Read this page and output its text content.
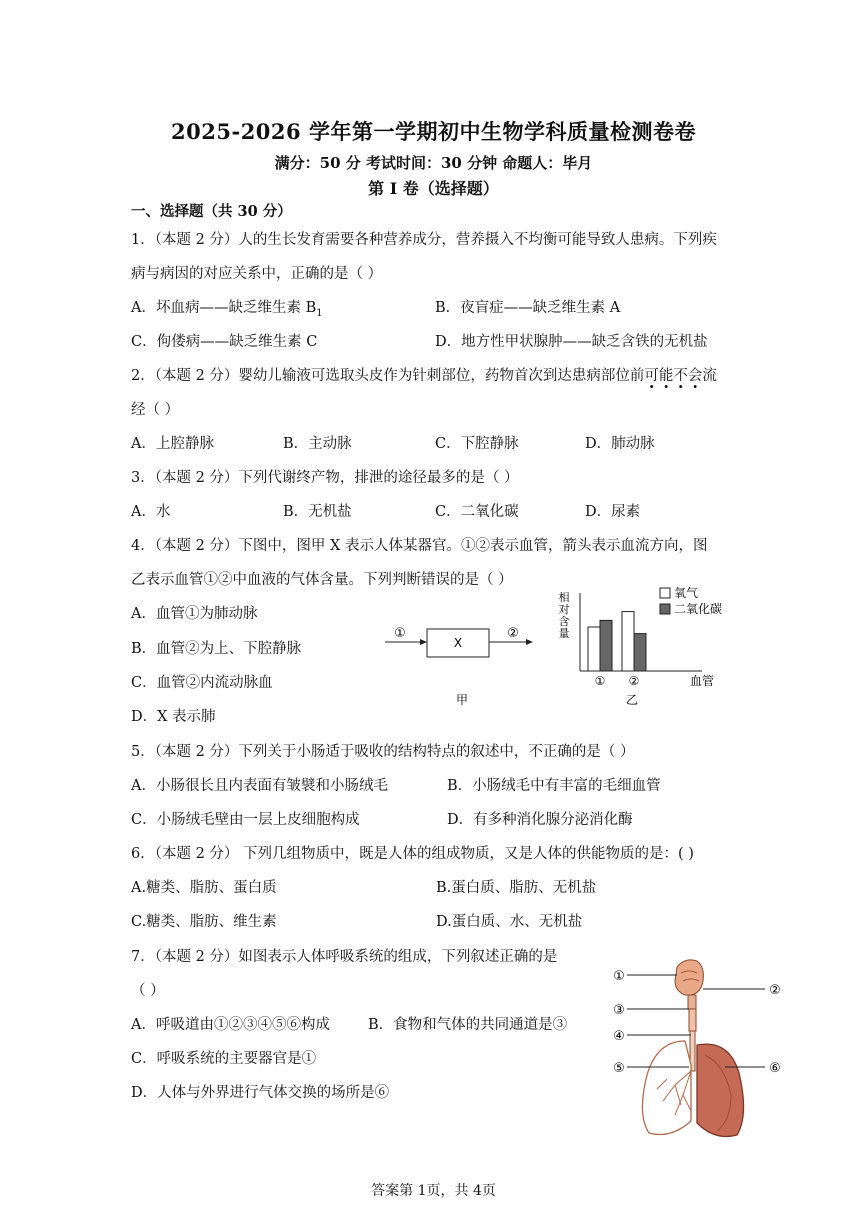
2025-2026 学年第一学期初中生物学科质量检测卷卷
满分：50 分 考试时间：30 分钟 命题人：毕月
第 I 卷（选择题）
一、选择题（共 30 分）
1．（本题 2 分）人的生长发育需要各种营养成分，营养摄入不均衡可能导致人患病。下列疾
病与病因的对应关系中，正确的是（ ）
A．坏血病——缺乏维生素 $B_1$	B．夜盲症——缺乏维生素 A
C．佝偻病——缺乏维生素 C	D．地方性甲状腺肿——缺乏含铁的无机盐
2．（本题 2 分）婴幼儿输液可选取头皮作为针刺部位，药物首次到达患病部位前可能不会流
经（ ）
A．上腔静脉	B．主动脉	C．下腔静脉	D．肺动脉
3．（本题 2 分）下列代谢终产物，排泄的途径最多的是（ ）
A．水	B．无机盐	C．二氧化碳	D．尿素
4．（本题 2 分）下图中，图甲 X 表示人体某器官。①②表示血管，箭头表示血流方向，图
乙表示血管①②中血液的气体含量。下列判断错误的是（ ）
A．血管①为肺动脉
B．血管②为上、下腔静脉
C．血管②内流动脉血
D．X 表示肺
①	②
X
甲
相
对
含
量
① ②
氧气
二氧化碳
血管
乙
5．（本题 2 分）下列关于小肠适于吸收的结构特点的叙述中，不正确的是（ ）
A．小肠很长且内表面有皱襞和小肠绒毛	B．小肠绒毛中有丰富的毛细血管
C．小肠绒毛壁由一层上皮细胞构成	D．有多种消化腺分泌消化酶
6．（本题 2 分） 下列几组物质中，既是人体的组成物质，又是人体的供能物质的是：( )
A.糖类、脂肪、蛋白质	B.蛋白质、脂肪、无机盐
C.糖类、脂肪、维生素	D.蛋白质、水、无机盐
7．（本题 2 分）如图表示人体呼吸系统的组成，下列叙述正确的是
（ ）
A．呼吸道由①②③④⑤⑥构成	B．食物和气体的共同通道是③
C．呼吸系统的主要器官是①
D．人体与外界进行气体交换的场所是⑥
①
②
③
④
⑤	⑥
答案第 1页，共 4页
